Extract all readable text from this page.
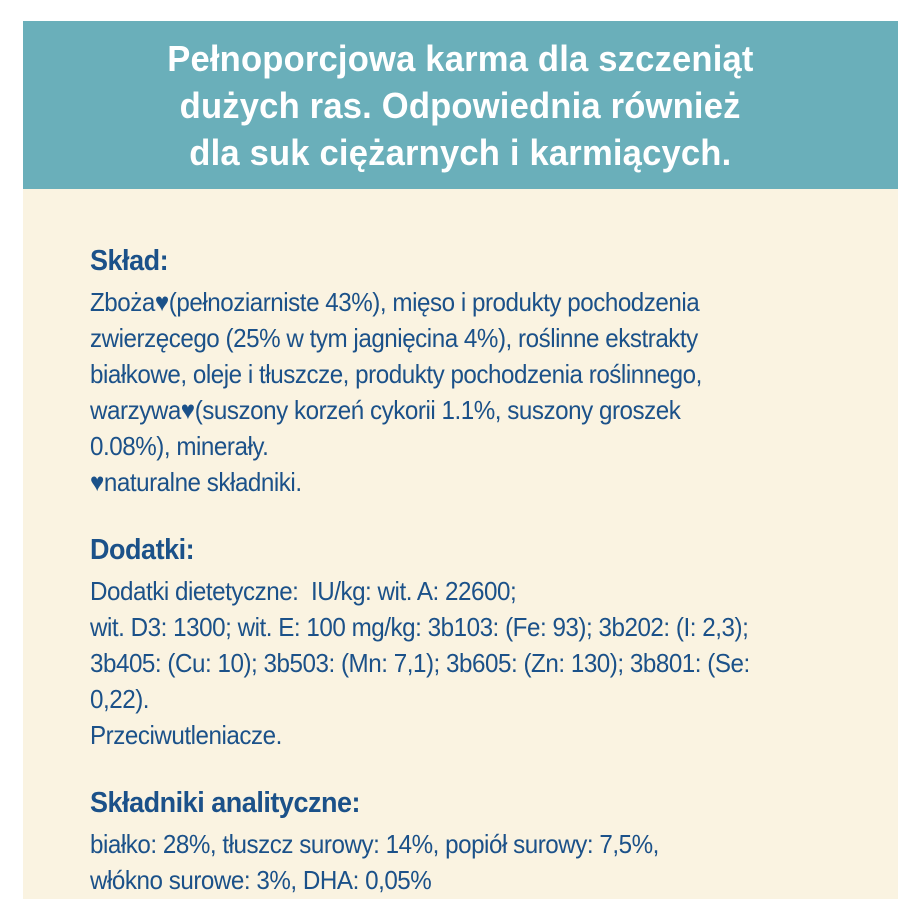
Pełnoporcjowa karma dla szczeniąt
dużych ras. Odpowiednia również
dla suk ciężarnych i karmiących.
Skład:
Zboża♥(pełnoziarniste 43%), mięso i produkty pochodzenia
zwierzęcego (25% w tym jagnięcina 4%), roślinne ekstrakty
białkowe, oleje i tłuszcze, produkty pochodzenia roślinnego,
warzywa♥(suszony korzeń cykorii 1.1%, suszony groszek
0.08%), minerały.
♥naturalne składniki.
Dodatki:
Dodatki dietetyczne:  IU/kg: wit. A: 22600;
wit. D3: 1300; wit. E: 100 mg/kg: 3b103: (Fe: 93); 3b202: (I: 2,3);
3b405: (Cu: 10); 3b503: (Mn: 7,1); 3b605: (Zn: 130); 3b801: (Se:
0,22).
Przeciwutleniacze.
Składniki analityczne:
białko: 28%, tłuszcz surowy: 14%, popiół surowy: 7,5%,
włókno surowe: 3%, DHA: 0,05%
